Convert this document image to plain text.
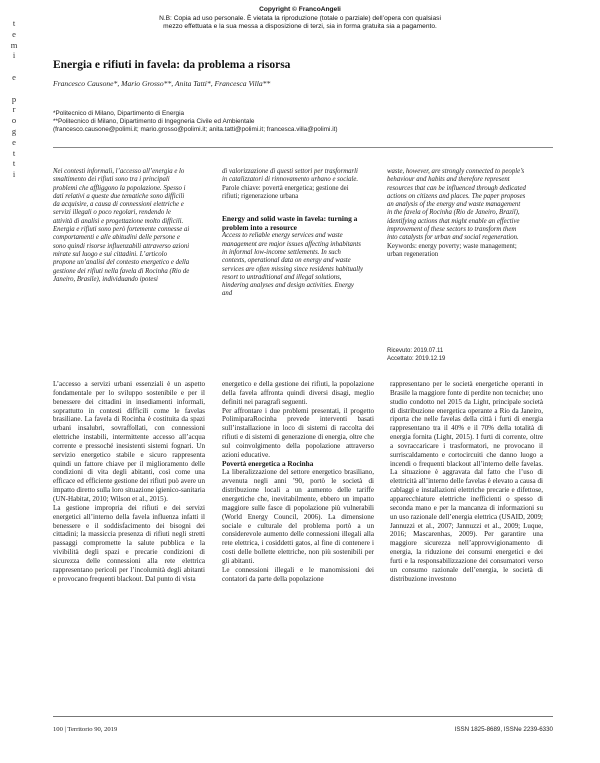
Copyright © FrancoAngeli
N.B: Copia ad uso personale. È vietata la riproduzione (totale o parziale) dell’opera con qualsiasi
mezzo effettuata e la sua messa a disposizione di terzi, sia in forma gratuita sia a pagamento.
t
e
m
i
e
p
r
o
g
e
t
t
i
Energia e rifiuti in favela: da problema a risorsa
Francesco Causone*, Mario Grosso**, Anita Tatti*, Francesca Villa**
*Politecnico di Milano, Dipartimento di Energia
**Politecnico di Milano, Dipartimento di Ingegneria Civile ed Ambientale
(francesco.causone@polimi.it; mario.grosso@polimi.it; anita.tatti@polimi.it; francesca.villa@polimi.it)
Nei contesti informali, l’accesso all’energia e lo smaltimento dei rifiuti sono tra i principali problemi che affliggono la popolazione. Spesso i dati relativi a queste due tematiche sono difficili da acquisire, a causa di connessioni elettriche e servizi illegali o poco regolari, rendendo le attività di analisi e progettazione molto difficili. Energia e rifiuti sono però fortemente connesse ai comportamenti e alle abitudini delle persone e sono quindi risorse influenzabili attraverso azioni mirate sul luogo e sui cittadini. L’articolo propone un’analisi del contesto energetico e della gestione dei rifiuti nella favela di Rocinha (Rio de Janeiro, Brasile), individuando ipotesi
di valorizzazione di questi settori per trasformarli in catalizzatori di rinnovamento urbano e sociale.
Parole chiave: povertà energetica; gestione dei rifiuti; rigenerazione urbana
Energy and solid waste in favela: turning a problem into a resource
Access to reliable energy services and waste management are major issues affecting inhabitants in informal low-income settlements. In such contexts, operational data on energy and waste services are often missing since residents habitually resort to untraditional and illegal solutions, hindering analyses and design activities. Energy and
waste, however, are strongly connected to people’s behaviour and habits and therefore represent resources that can be influenced through dedicated actions on citizens and places. The paper proposes an analysis of the energy and waste management in the favela of Rocinha (Rio de Janeiro, Brazil), identifying actions that might enable an effective improvement of these sectors to transform them into catalysts for urban and social regeneration.
Keywords: energy poverty; waste management; urban regeneration
Ricevuto: 2019.07.11
Accettato: 2019.12.19

L’accesso a servizi urbani essenziali è un aspetto fondamentale per lo sviluppo sostenibile e per il benessere dei cittadini in insediamenti informali, soprattutto in contesti difficili come le favelas brasiliane. La favela di Rocinha è costituita da spazi urbani insalubri, sovraffollati, con connessioni elettriche instabili, intermittente accesso all’acqua corrente e pressoché inesistenti sistemi fognari. Un servizio energetico stabile e sicuro rappresenta quindi un fattore chiave per il miglioramento delle condizioni di vita degli abitanti, così come una efficace ed efficiente gestione dei rifiuti può avere un impatto diretto sulla loro situazione igienico-sanitaria (UN-Habitat, 2010; Wilson et al., 2015).

La gestione impropria dei rifiuti e dei servizi energetici all’interno della favela influenza infatti il benessere e il soddisfacimento dei bisogni dei cittadini; la massiccia presenza di rifiuti negli stretti passaggi compromette la salute pubblica e la vivibilità degli spazi e precarie condizioni di sicurezza delle connessioni alla rete elettrica rappresentano pericoli per l’incolumità degli abitanti e provocano frequenti blackout. Dal punto di vista

energetico e della gestione dei rifiuti, la popolazione della favela affronta quindi diversi disagi, meglio definiti nei paragrafi seguenti.

Per affrontare i due problemi presentati, il progetto PolimiparaRocinha prevede interventi basati sull’installazione in loco di sistemi di raccolta dei rifiuti e di sistemi di generazione di energia, oltre che sul coinvolgimento della popolazione attraverso azioni educative.

Povertà energetica a Rocinha

La liberalizzazione del settore energetico brasiliano, avvenuta negli anni ’90, portò le società di distribuzione locali a un aumento delle tariffe energetiche che, inevitabilmente, ebbero un impatto maggiore sulle fasce di popolazione più vulnerabili (World Energy Council, 2006). La dimensione sociale e culturale del problema portò a un considerevole aumento delle connessioni illegali alla rete elettrica, i cosiddetti gatos, al fine di contenere i costi delle bollette elettriche, non più sostenibili per gli abitanti.

Le connessioni illegali e le manomissioni dei contatori da parte della popolazione

rappresentano per le società energetiche operanti in Brasile la maggiore fonte di perdite non tecniche; uno studio condotto nel 2015 da Light, principale società di distribuzione energetica operante a Rio da Janeiro, riporta che nelle favelas della città i furti di energia rappresentano tra il 40% e il 70% della totalità di energia fornita (Light, 2015). I furti di corrente, oltre a sovraccaricare i trasformatori, ne provocano il surriscaldamento e cortocircuiti che danno luogo a incendi o frequenti blackout all’interno delle favelas. La situazione è aggravata dal fatto che l’uso di elettricità all’interno delle favelas è elevato a causa di cablaggi e installazioni elettriche precarie e difettose, apparecchiature elettriche inefficienti o spesso di seconda mano e per la mancanza di informazioni su un uso razionale dell’energia elettrica (USAID, 2009; Jannuzzi et al., 2007; Jannuzzi et al., 2009; Luque, 2016; Mascarenhas, 2009). Per garantire una maggiore sicurezza nell’approvvigionamento di energia, la riduzione dei consumi energetici e dei furti e la responsabilizzazione dei consumatori verso un consumo razionale dell’energia, le società di distribuzione investono

100 | Territorio 90, 2019	ISSN 1825-8689, ISSNe 2239-6330
